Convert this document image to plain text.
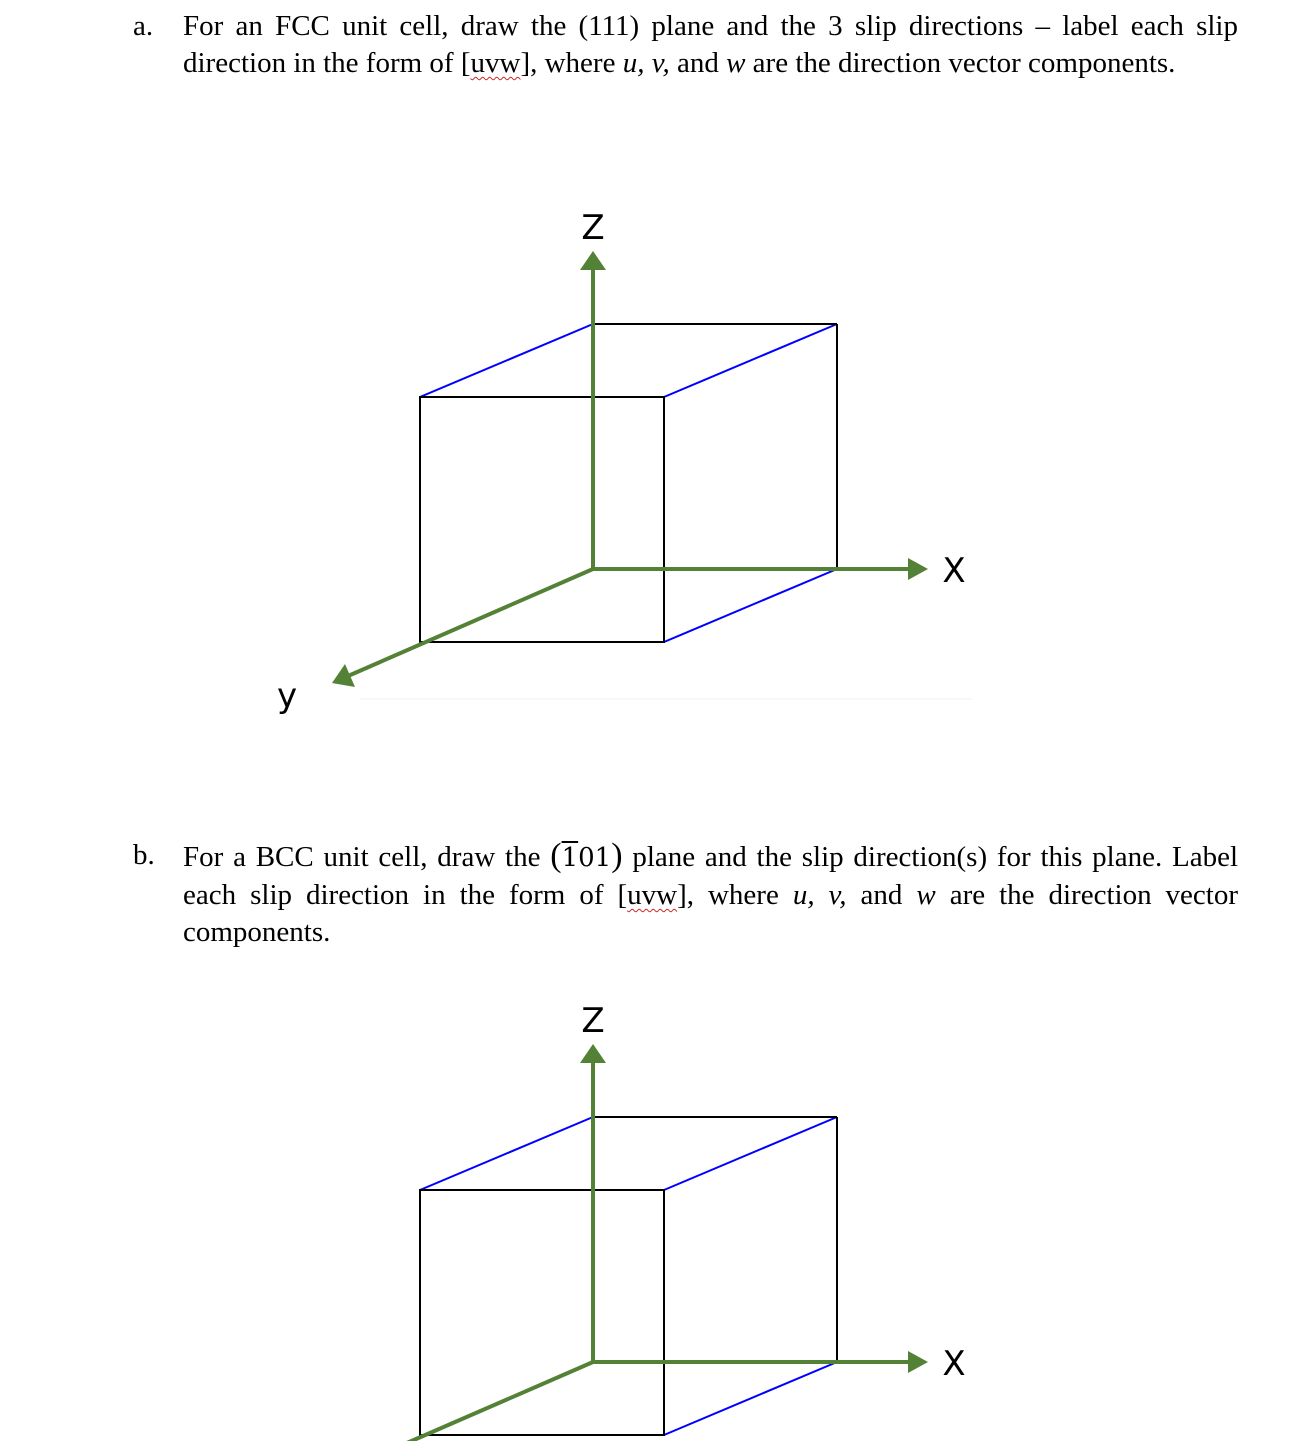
a. For an FCC unit cell, draw the (111) plane and the 3 slip directions – label each slip direction in the form of [uvw], where u, v, and w are the direction vector components.
Z
X
y
b. For a BCC unit cell, draw the (101) plane and the slip direction(s) for this plane. Label each slip direction in the form of [uvw], where u, v, and w are the direction vector components.
Z
X
